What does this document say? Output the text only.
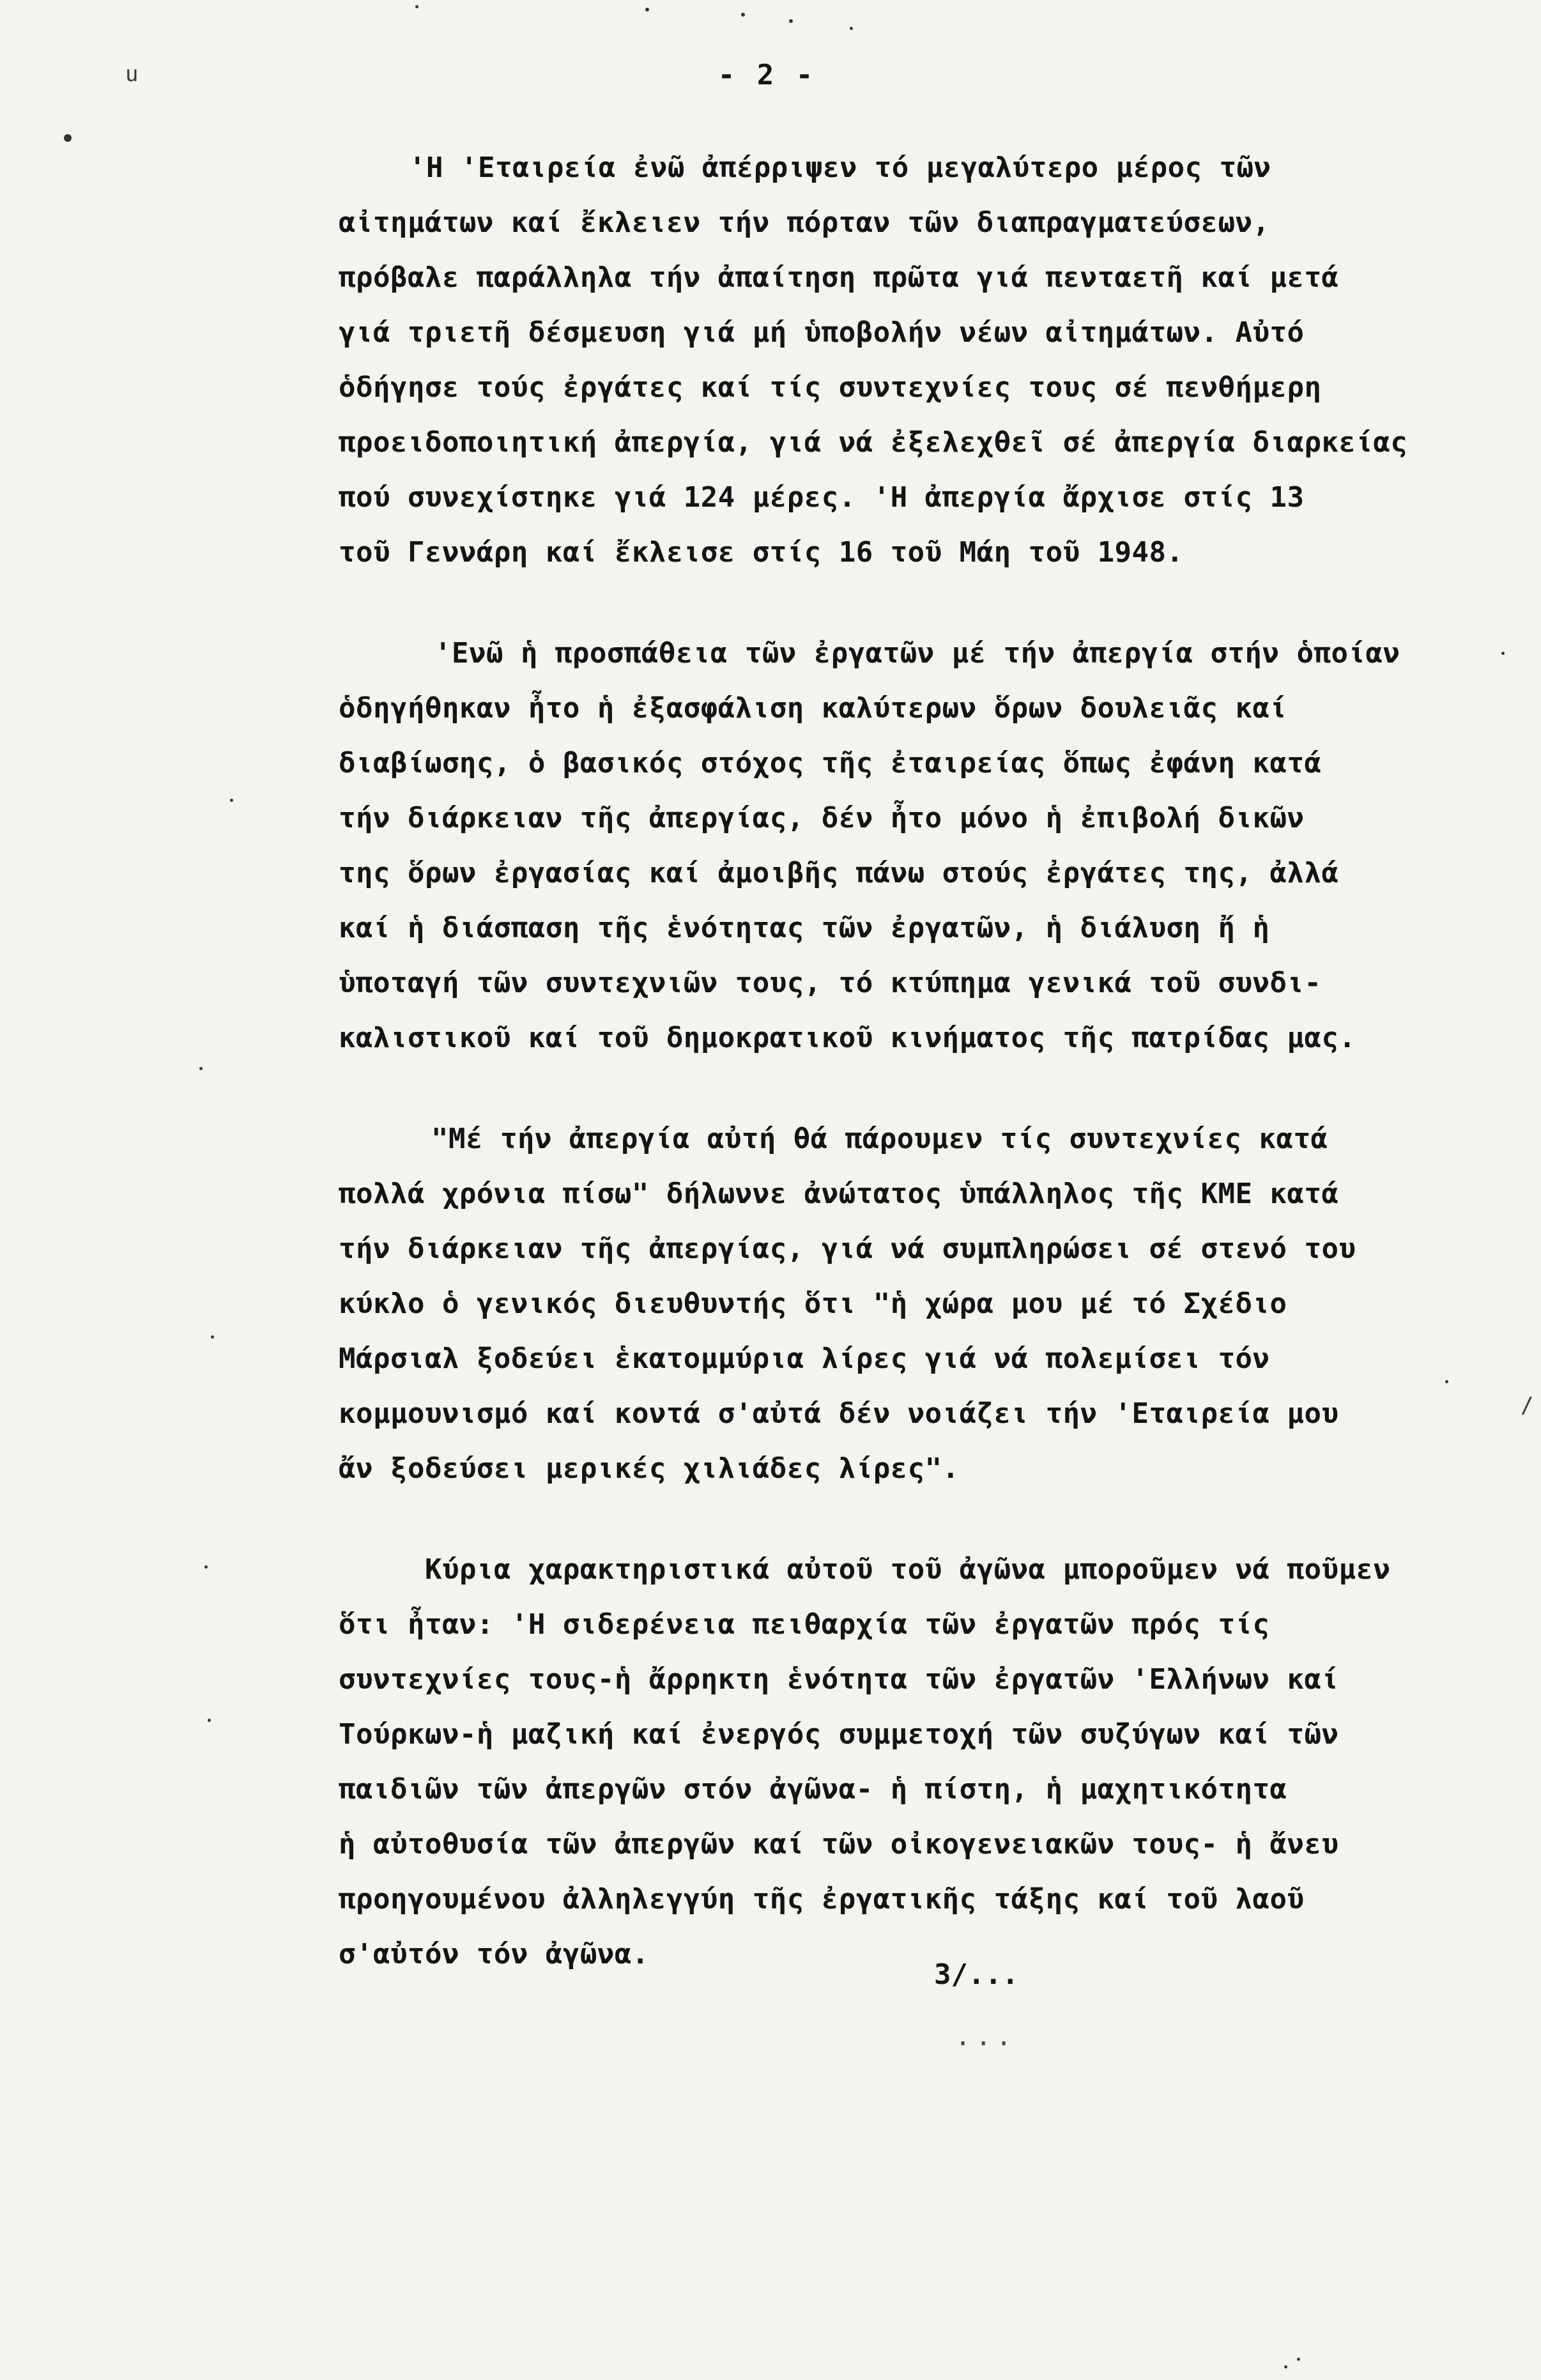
- 2 -
'Η 'Εταιρεία ἐνῶ ἀπέρριψεν τό μεγαλύτερο μέρος τῶν
αἰτημάτων καί ἔκλειεν τήν πόρταν τῶν διαπραγματεύσεων,
πρόβαλε παράλληλα τήν ἀπαίτηση πρῶτα γιά πενταετῆ καί μετά
γιά τριετῆ δέσμευση γιά μή ὑποβολήν νέων αἰτημάτων. Αὐτό
ὁδήγησε τούς ἐργάτες καί τίς συντεχνίες τους σέ πενθήμερη
προειδοποιητική ἀπεργία, γιά νά ἐξελεχθεῖ σέ ἀπεργία διαρκείας
πού συνεχίστηκε γιά 124 μέρες. 'Η ἀπεργία ἄρχισε στίς 13
τοῦ Γεννάρη καί ἔκλεισε στίς 16 τοῦ Μάη τοῦ 1948.
'Ενῶ ἡ προσπάθεια τῶν ἐργατῶν μέ τήν ἀπεργία στήν ὁποίαν
ὁδηγήθηκαν ἦτο ἡ ἐξασφάλιση καλύτερων ὅρων δουλειᾶς καί
διαβίωσης, ὁ βασικός στόχος τῆς ἐταιρείας ὅπως ἐφάνη κατά
τήν διάρκειαν τῆς ἀπεργίας, δέν ἦτο μόνο ἡ ἐπιβολή δικῶν
της ὅρων ἐργασίας καί ἀμοιβῆς πάνω στούς ἐργάτες της, ἀλλά
καί ἡ διάσπαση τῆς ἑνότητας τῶν ἐργατῶν, ἡ διάλυση ἤ ἡ
ὑποταγή τῶν συντεχνιῶν τους, τό κτύπημα γενικά τοῦ συνδι-
καλιστικοῦ καί τοῦ δημοκρατικοῦ κινήματος τῆς πατρίδας μας.
"Μέ τήν ἀπεργία αὐτή θά πάρουμεν τίς συντεχνίες κατά
πολλά χρόνια πίσω" δήλωννε ἀνώτατος ὑπάλληλος τῆς ΚΜΕ κατά
τήν διάρκειαν τῆς ἀπεργίας, γιά νά συμπληρώσει σέ στενό του
κύκλο ὁ γενικός διευθυντής ὅτι "ἡ χώρα μου μέ τό Σχέδιο
Μάρσιαλ ξοδεύει ἑκατομμύρια λίρες γιά νά πολεμίσει τόν
κομμουνισμό καί κοντά σ'αὐτά δέν νοιάζει τήν 'Εταιρεία μου
ἄν ξοδεύσει μερικές χιλιάδες λίρες".
Κύρια χαρακτηριστικά αὐτοῦ τοῦ ἀγῶνα μποροῦμεν νά ποῦμεν
ὅτι ἦταν: 'Η σιδερένεια πειθαρχία τῶν ἐργατῶν πρός τίς
συντεχνίες τους-ἡ ἄρρηκτη ἑνότητα τῶν ἐργατῶν 'Ελλήνων καί
Τούρκων-ἡ μαζική καί ἐνεργός συμμετοχή τῶν συζύγων καί τῶν
παιδιῶν τῶν ἀπεργῶν στόν ἀγῶνα- ἡ πίστη, ἡ μαχητικότητα
ἡ αὐτοθυσία τῶν ἀπεργῶν καί τῶν οἰκογενειακῶν τους- ἡ ἄνευ
προηγουμένου ἀλληλεγγύη τῆς ἐργατικῆς τάξης καί τοῦ λαοῦ
σ'αὐτόν τόν ἀγῶνα.
3/...
...
u
/
